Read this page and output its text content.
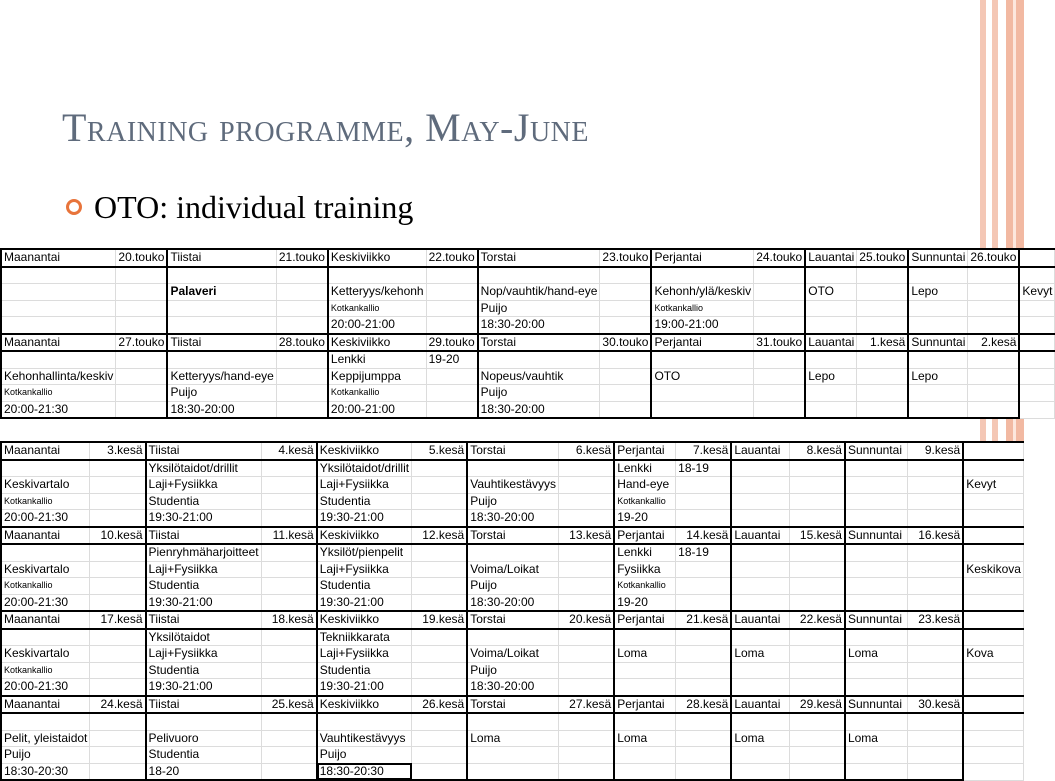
Training programme, May-June
OTO: individual training
Maanantai	20.touko	Tiistai	21.touko	Keskiviikko	22.touko	Torstai	23.touko	Perjantai	24.touko	Lauantai	25.touko	Sunnuntai	26.touko	

		Palaveri		Ketteryys/kehonh		Nop/vauhtik/hand-eye		Kehonh/ylä/keskiv		OTO		Lepo		Kevyt
				Kotkankallio		Puijo		Kotkankallio						
				20:00-21:00		18:30-20:00		19:00-21:00						
Maanantai	27.touko	Tiistai	28.touko	Keskiviikko	29.touko	Torstai	30.touko	Perjantai	31.touko	Lauantai	1.kesä	Sunnuntai	2.kesä	
				Lenkki	19-20									
Kehonhallinta/keskiv		Ketteryys/hand-eye		Keppijumppa		Nopeus/vauhtik		OTO		Lepo		Lepo		
Kotkankallio		Puijo		Kotkankallio		Puijo								
20:00-21:30		18:30-20:00		20:00-21:00		18:30-20:00								
Maanantai	3.kesä	Tiistai	4.kesä	Keskiviikko	5.kesä	Torstai	6.kesä	Perjantai	7.kesä	Lauantai	8.kesä	Sunnuntai	9.kesä	
		Yksilötaidot/drillit		Yksilötaidot/drillit				Lenkki	18-19					
Keskivartalo		Laji+Fysiikka		Laji+Fysiikka		Vauhtikestävyys		Hand-eye						Kevyt
Kotkankallio		Studentia		Studentia		Puijo		Kotkankallio						
20:00-21:30		19:30-21:00		19:30-21:00		18:30-20:00		19-20						
Maanantai	10.kesä	Tiistai	11.kesä	Keskiviikko	12.kesä	Torstai	13.kesä	Perjantai	14.kesä	Lauantai	15.kesä	Sunnuntai	16.kesä	
		Pienryhmäharjoitteet		Yksilöt/pienpelit				Lenkki	18-19					
Keskivartalo		Laji+Fysiikka		Laji+Fysiikka		Voima/Loikat		Fysiikka						Keskikova
Kotkankallio		Studentia		Studentia		Puijo		Kotkankallio						
20:00-21:30		19:30-21:00		19:30-21:00		18:30-20:00		19-20						
Maanantai	17.kesä	Tiistai	18.kesä	Keskiviikko	19.kesä	Torstai	20.kesä	Perjantai	21.kesä	Lauantai	22.kesä	Sunnuntai	23.kesä	
		Yksilötaidot		Tekniikkarata										
Keskivartalo		Laji+Fysiikka		Laji+Fysiikka		Voima/Loikat		Loma		Loma		Loma		Kova
Kotkankallio		Studentia		Studentia		Puijo								
20:00-21:30		19:30-21:00		19:30-21:00		18:30-20:00								
Maanantai	24.kesä	Tiistai	25.kesä	Keskiviikko	26.kesä	Torstai	27.kesä	Perjantai	28.kesä	Lauantai	29.kesä	Sunnuntai	30.kesä	

Pelit, yleistaidot		Pelivuoro		Vauhtikestävyys		Loma		Loma		Loma		Loma		
Puijo		Studentia		Puijo										
18:30-20:30		18-20		18:30-20:30										
